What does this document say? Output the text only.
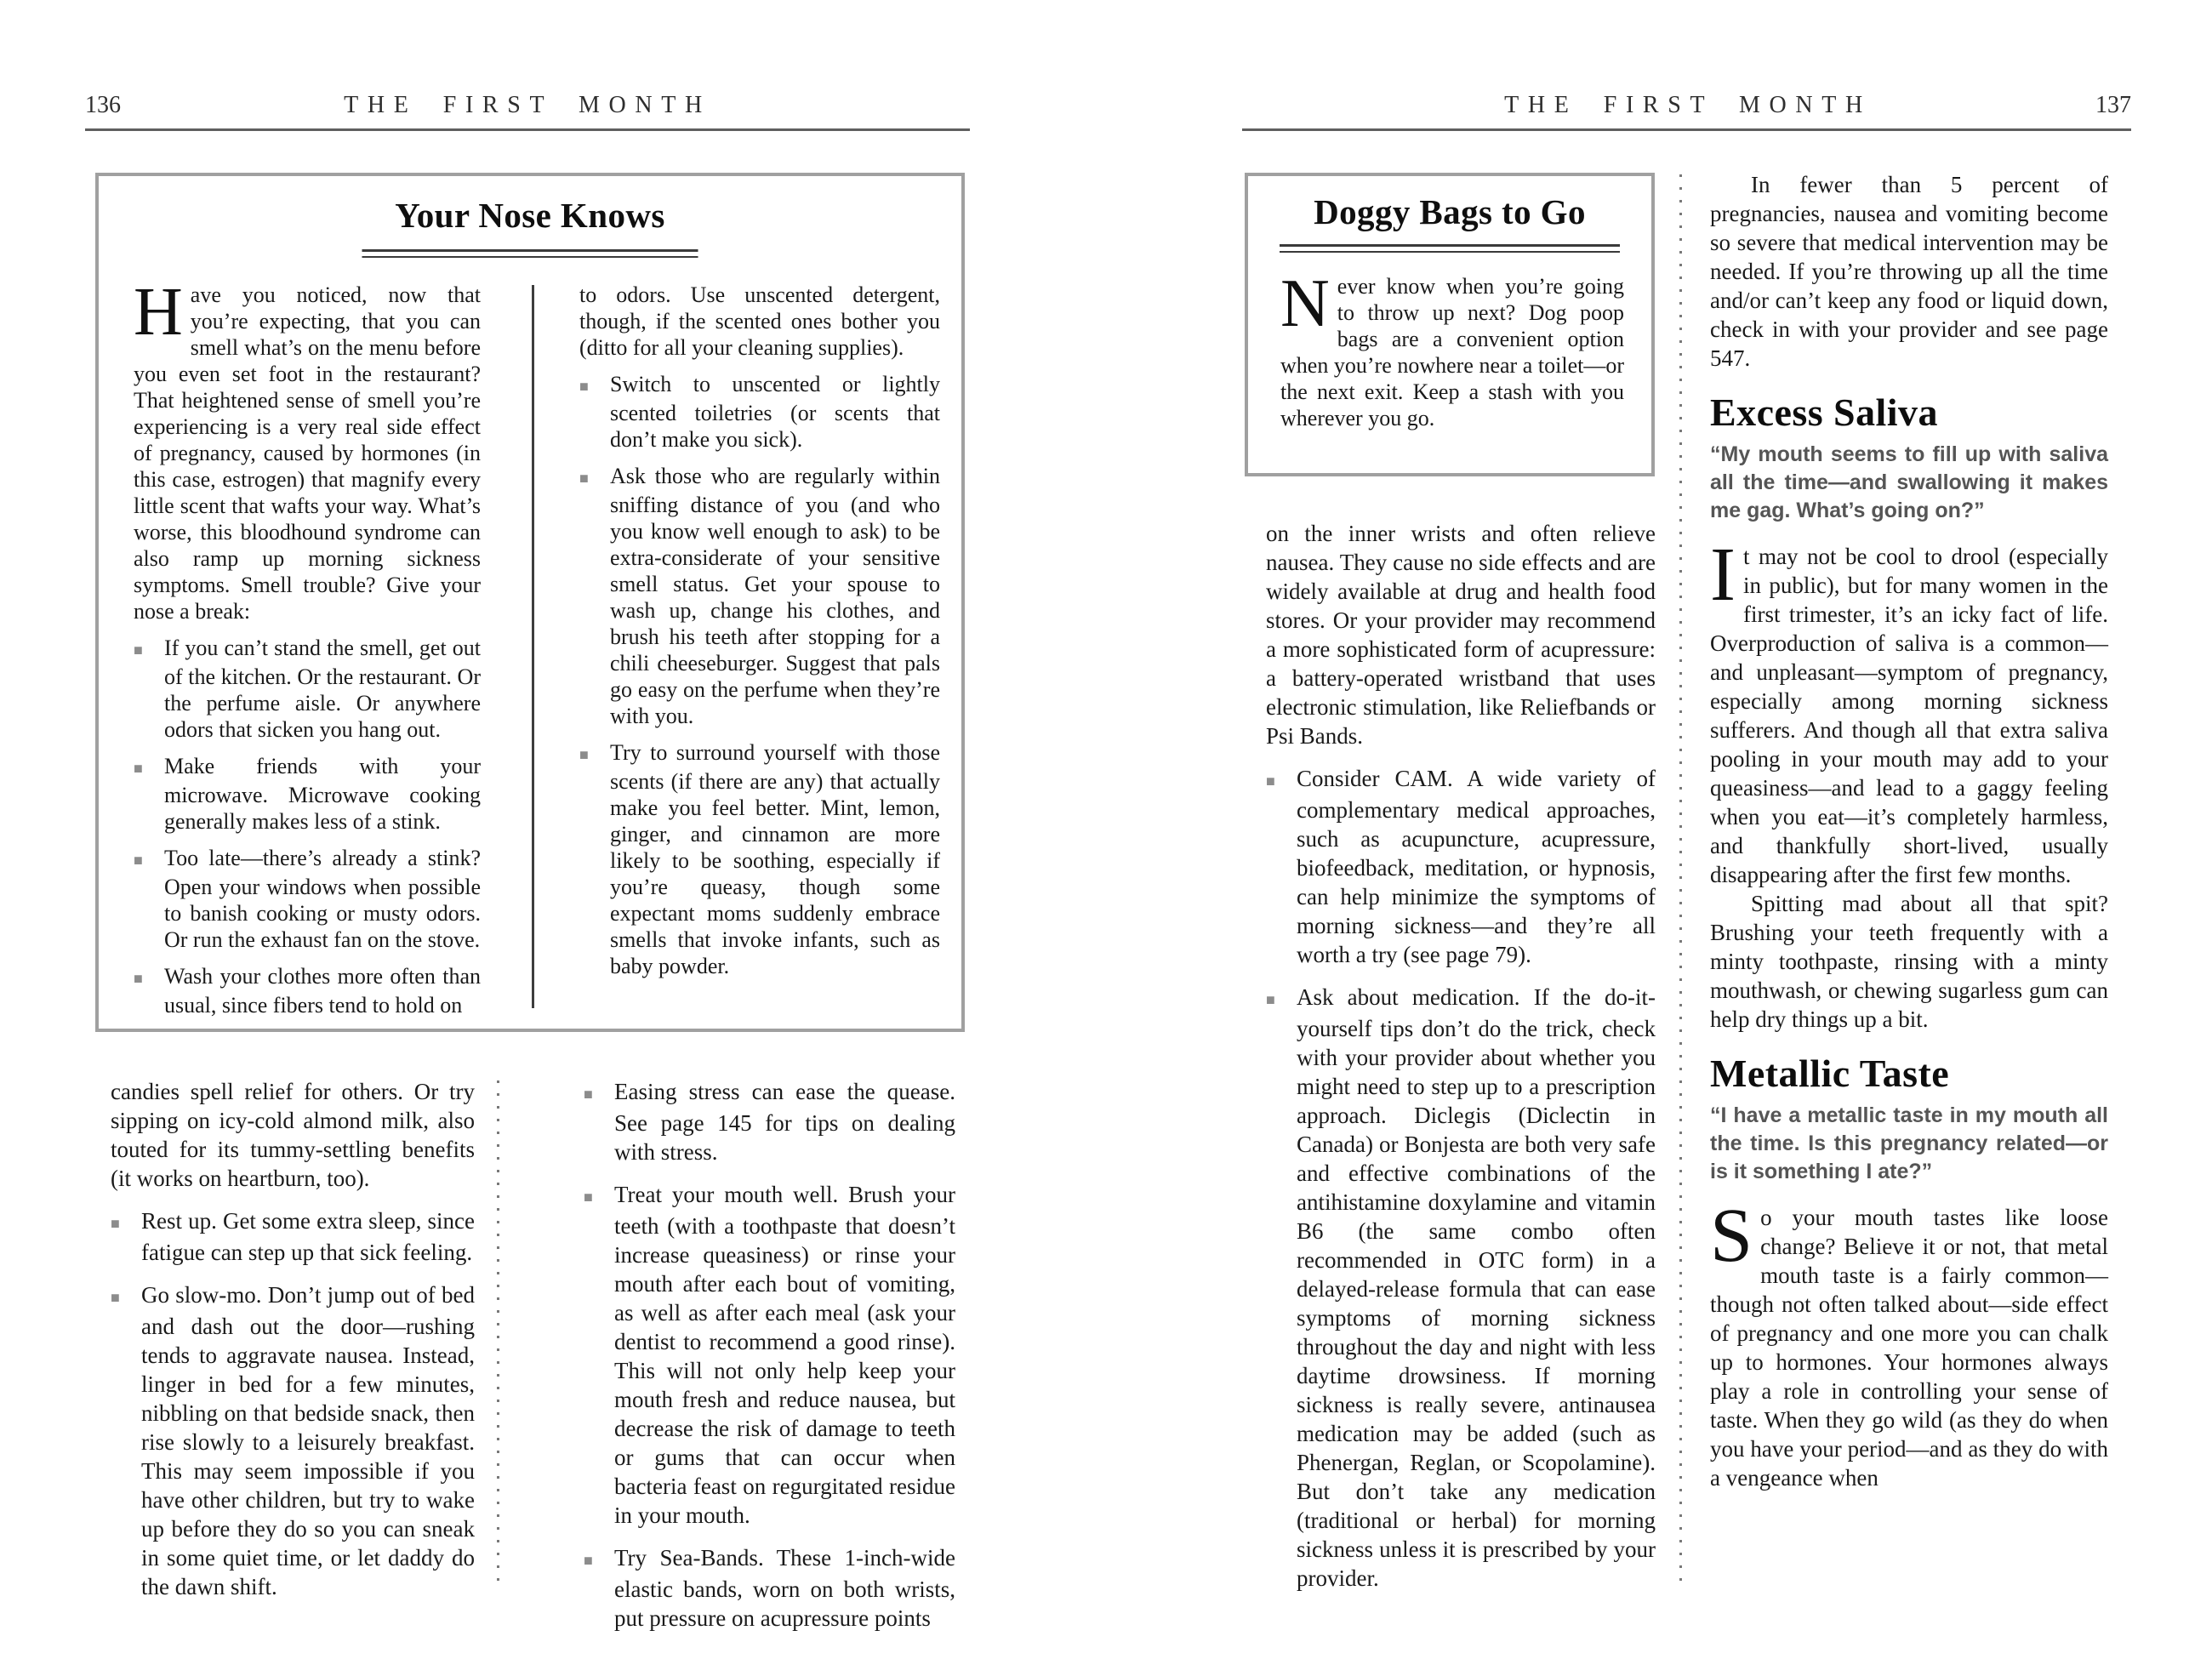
136	THE FIRST MONTH
Your Nose Knows
Have you noticed, now that you’re expecting, that you can smell what’s on the menu before you even set foot in the restaurant? That heightened sense of smell you’re experiencing is a very real side effect of pregnancy, caused by hormones (in this case, estrogen) that magnify every little scent that wafts your way. What’s worse, this bloodhound syndrome can also ramp up morning sickness symptoms. Smell trouble? Give your nose a break:
■ If you can’t stand the smell, get out of the kitchen. Or the restaurant. Or the perfume aisle. Or anywhere odors that sicken you hang out.
■ Make friends with your microwave. Microwave cooking generally makes less of a stink.
■ Too late—there’s already a stink? Open your windows when possible to banish cooking or musty odors. Or run the exhaust fan on the stove.
■ Wash your clothes more often than usual, since fibers tend to hold on
to odors. Use unscented detergent, though, if the scented ones bother you (ditto for all your cleaning supplies).
■ Switch to unscented or lightly scented toiletries (or scents that don’t make you sick).
■ Ask those who are regularly within sniffing distance of you (and who you know well enough to ask) to be extra-considerate of your sensitive smell status. Get your spouse to wash up, change his clothes, and brush his teeth after stopping for a chili cheeseburger. Suggest that pals go easy on the perfume when they’re with you.
■ Try to surround yourself with those scents (if there are any) that actually make you feel better. Mint, lemon, ginger, and cinnamon are more likely to be soothing, especially if you’re queasy, though some expectant moms suddenly embrace smells that invoke infants, such as baby powder.
candies spell relief for others. Or try sipping on icy-cold almond milk, also touted for its tummy-settling benefits (it works on heartburn, too).
■ Rest up. Get some extra sleep, since fatigue can step up that sick feeling.
■ Go slow-mo. Don’t jump out of bed and dash out the door—rushing tends to aggravate nausea. Instead, linger in bed for a few minutes, nibbling on that bedside snack, then rise slowly to a leisurely breakfast. This may seem impossible if you have other children, but try to wake up before they do so you can sneak in some quiet time, or let daddy do the dawn shift.
■ Easing stress can ease the quease. See page 145 for tips on dealing with stress.
■ Treat your mouth well. Brush your teeth (with a toothpaste that doesn’t increase queasiness) or rinse your mouth after each bout of vomiting, as well as after each meal (ask your dentist to recommend a good rinse). This will not only help keep your mouth fresh and reduce nausea, but decrease the risk of damage to teeth or gums that can occur when bacteria feast on regurgitated residue in your mouth.
■ Try Sea-Bands. These 1-inch-wide elastic bands, worn on both wrists, put pressure on acupressure points
THE FIRST MONTH	137
Doggy Bags to Go
Never know when you’re going to throw up next? Dog poop bags are a convenient option when you’re nowhere near a toilet—or the next exit. Keep a stash with you wherever you go.
on the inner wrists and often relieve nausea. They cause no side effects and are widely available at drug and health food stores. Or your provider may recommend a more sophisticated form of acupressure: a battery-operated wristband that uses electronic stimulation, like Reliefbands or Psi Bands.
■ Consider CAM. A wide variety of complementary medical approaches, such as acupuncture, acupressure, biofeedback, meditation, or hypnosis, can help minimize the symptoms of morning sickness—and they’re all worth a try (see page 79).
■ Ask about medication. If the do-it-yourself tips don’t do the trick, check with your provider about whether you might need to step up to a prescription approach. Diclegis (Diclectin in Canada) or Bonjesta are both very safe and effective combinations of the antihistamine doxylamine and vitamin B6 (the same combo often recommended in OTC form) in a delayed-release formula that can ease symptoms of morning sickness throughout the day and night with less daytime drowsiness. If morning sickness is really severe, antinausea medication may be added (such as Phenergan, Reglan, or Scopolamine). But don’t take any medication (traditional or herbal) for morning sickness unless it is prescribed by your provider.
In fewer than 5 percent of pregnancies, nausea and vomiting become so severe that medical intervention may be needed. If you’re throwing up all the time and/or can’t keep any food or liquid down, check in with your provider and see page 547.
Excess Saliva
“My mouth seems to fill up with saliva all the time—and swallowing it makes me gag. What’s going on?”
It may not be cool to drool (especially in public), but for many women in the first trimester, it’s an icky fact of life. Overproduction of saliva is a common—and unpleasant—symptom of pregnancy, especially among morning sickness sufferers. And though all that extra saliva pooling in your mouth may add to your queasiness—and lead to a gaggy feeling when you eat—it’s completely harmless, and thankfully short-lived, usually disappearing after the first few months.
Spitting mad about all that spit? Brushing your teeth frequently with a minty toothpaste, rinsing with a minty mouthwash, or chewing sugarless gum can help dry things up a bit.
Metallic Taste
“I have a metallic taste in my mouth all the time. Is this pregnancy related—or is it something I ate?”
So your mouth tastes like loose change? Believe it or not, that metal mouth taste is a fairly common—though not often talked about—side effect of pregnancy and one more you can chalk up to hormones. Your hormones always play a role in controlling your sense of taste. When they go wild (as they do when you have your period—and as they do with a vengeance when
